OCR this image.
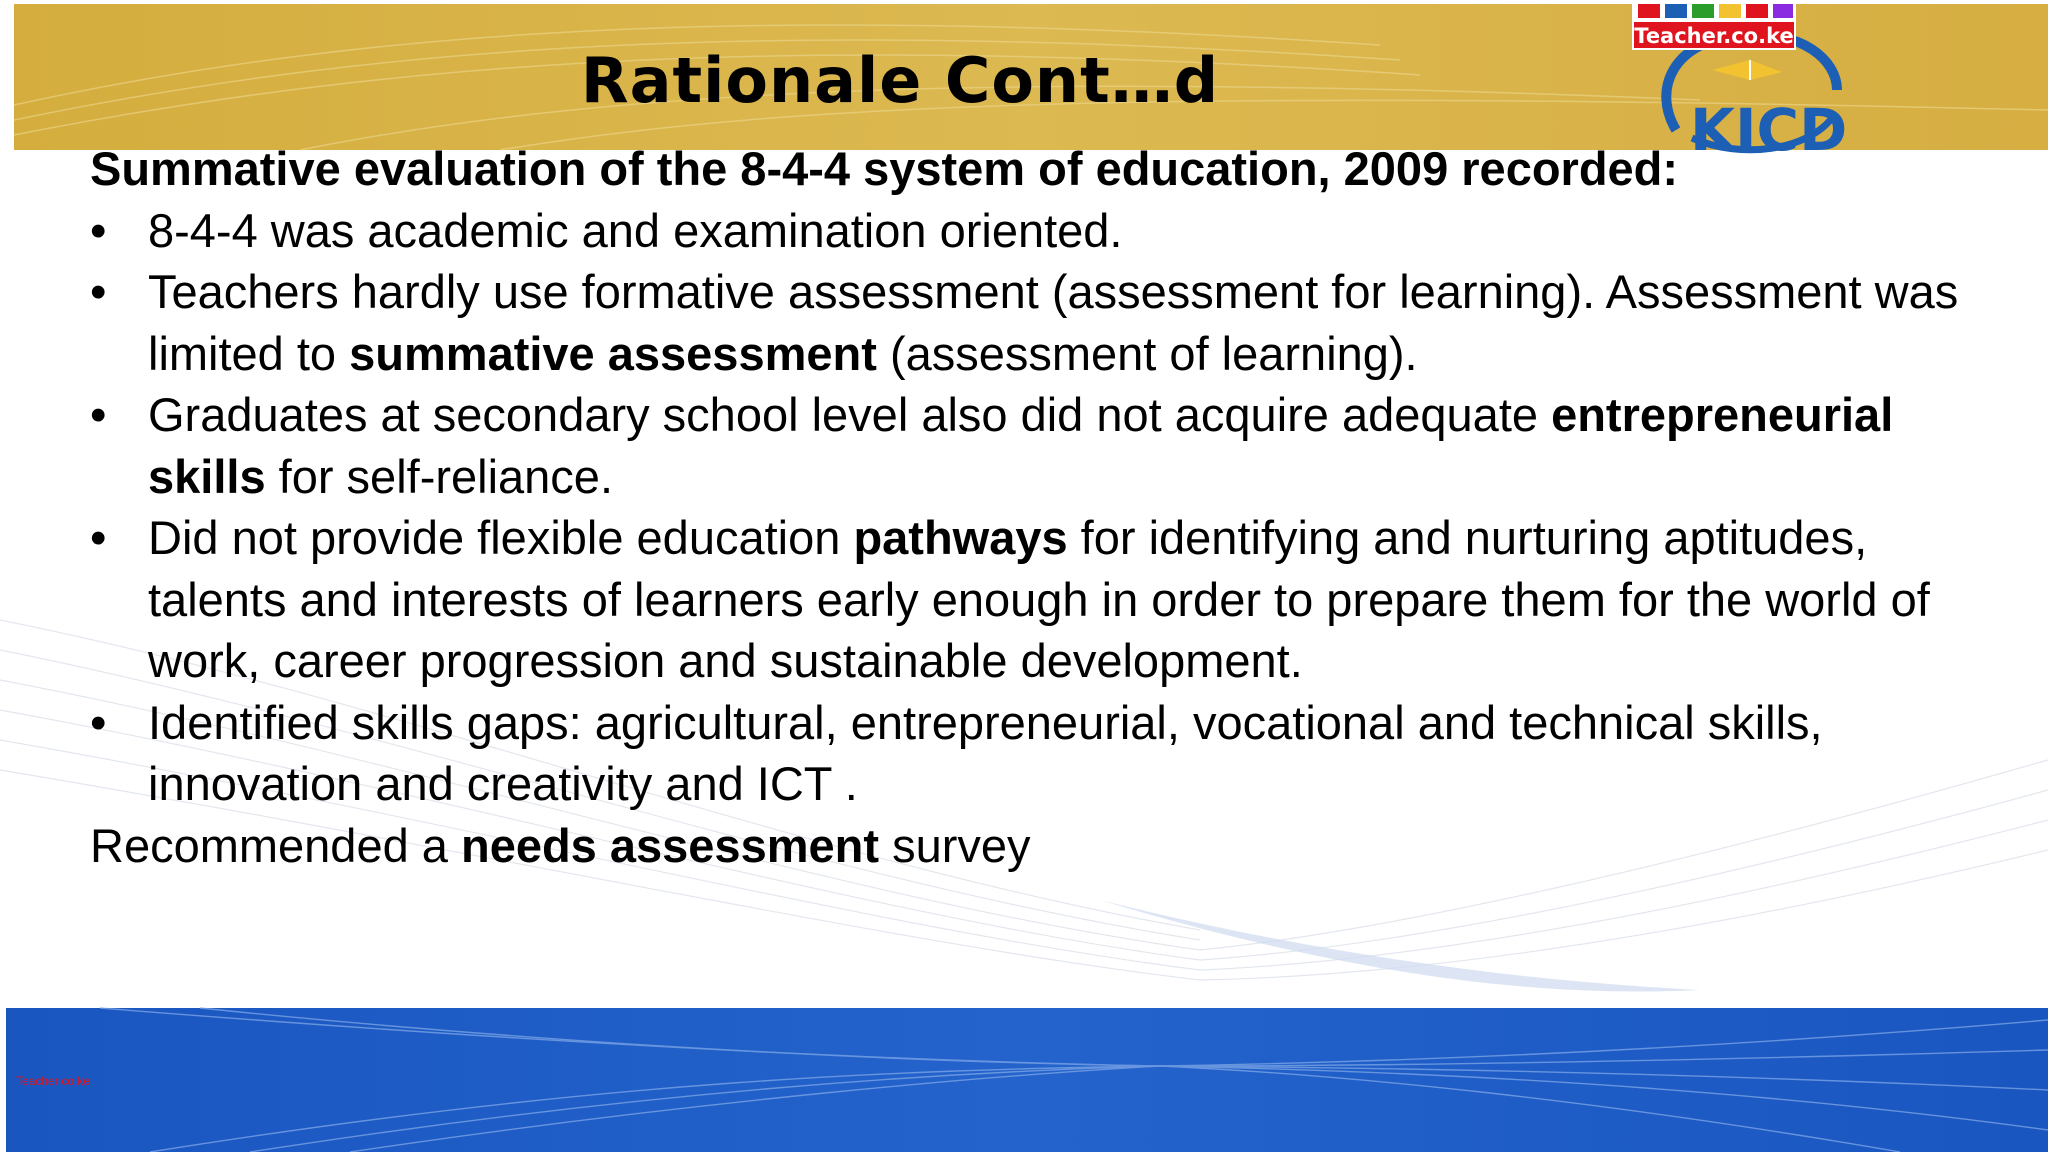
KICD
Teacher.co.ke
Rationale Cont…d

Summative evaluation of the 8-4-4 system of education, 2009 recorded:

• 8-4-4 was academic and examination oriented.
• Teachers hardly use formative assessment (assessment for learning). Assessment was limited to summative assessment (assessment of learning).
• Graduates at secondary school level also did not acquire adequate entrepreneurial skills for self-reliance.
• Did not provide flexible education pathways for identifying and nurturing aptitudes, talents and interests of learners early enough in order to prepare them for the world of work, career progression and sustainable development.
• Identified skills gaps: agricultural, entrepreneurial, vocational and technical skills, innovation and creativity and ICT .

Recommended a needs assessment survey

Teacher.co.ke
